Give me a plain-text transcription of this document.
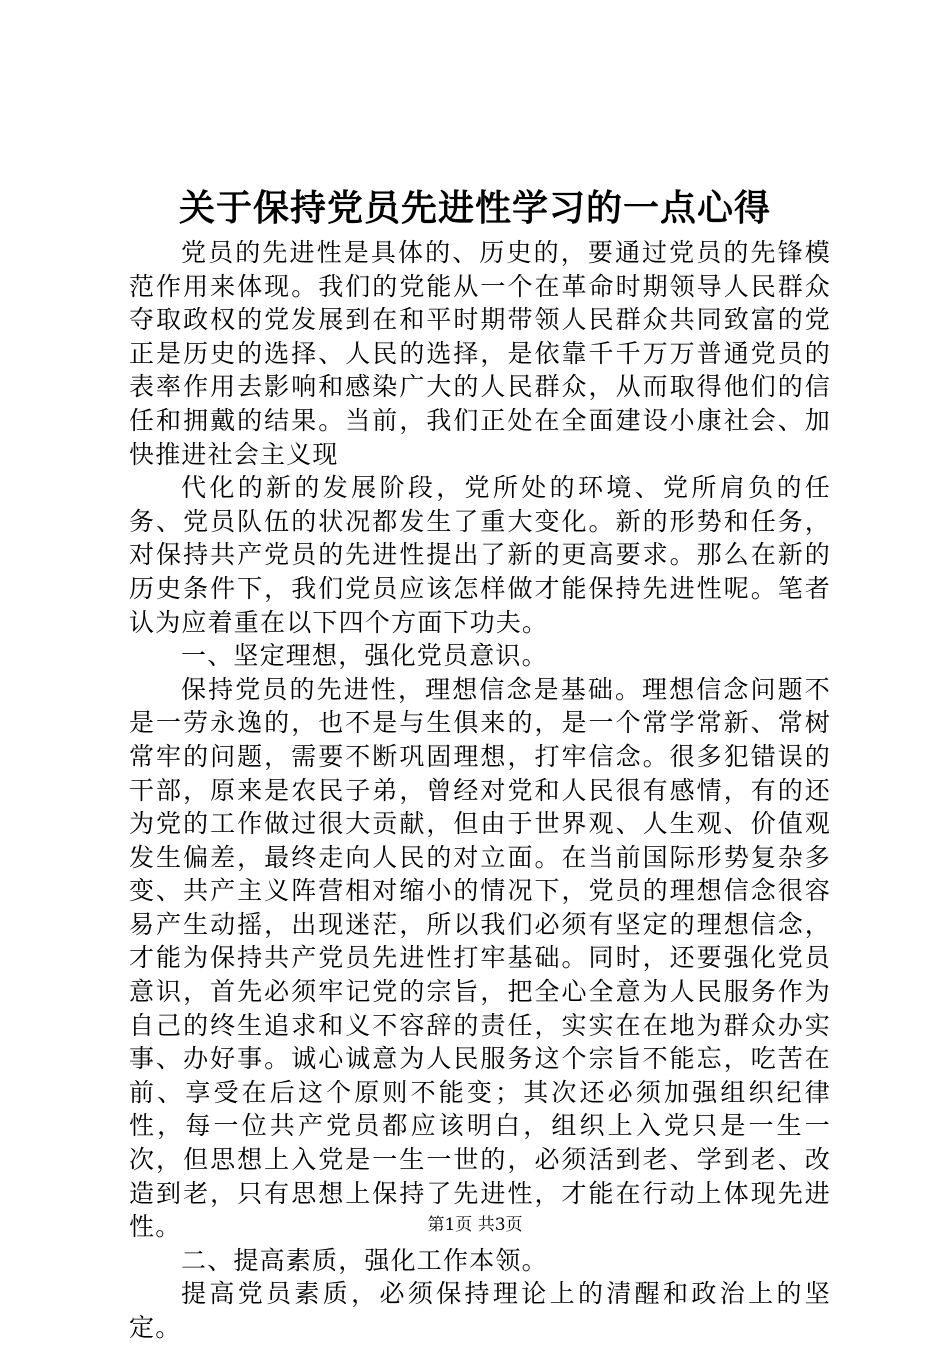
关于保持党员先进性学习的一点心得

党员的先进性是具体的、历史的，要通过党员的先锋模范作用来体现。我们的党能从一个在革命时期领导人民群众夺取政权的党发展到在和平时期带领人民群众共同致富的党正是历史的选择、人民的选择，是依靠千千万万普通党员的表率作用去影响和感染广大的人民群众，从而取得他们的信任和拥戴的结果。当前，我们正处在全面建设小康社会、加快推进社会主义现

代化的新的发展阶段，党所处的环境、党所肩负的任务、党员队伍的状况都发生了重大变化。新的形势和任务，对保持共产党员的先进性提出了新的更高要求。那么在新的历史条件下，我们党员应该怎样做才能保持先进性呢。笔者认为应着重在以下四个方面下功夫。

一、坚定理想，强化党员意识。

保持党员的先进性，理想信念是基础。理想信念问题不是一劳永逸的，也不是与生俱来的，是一个常学常新、常树常牢的问题，需要不断巩固理想，打牢信念。很多犯错误的干部，原来是农民子弟，曾经对党和人民很有感情，有的还为党的工作做过很大贡献，但由于世界观、人生观、价值观发生偏差，最终走向人民的对立面。在当前国际形势复杂多变、共产主义阵营相对缩小的情况下，党员的理想信念很容易产生动摇，出现迷茫，所以我们必须有坚定的理想信念，才能为保持共产党员先进性打牢基础。同时，还要强化党员意识，首先必须牢记党的宗旨，把全心全意为人民服务作为自己的终生追求和义不容辞的责任，实实在在地为群众办实事、办好事。诚心诚意为人民服务这个宗旨不能忘，吃苦在前、享受在后这个原则不能变；其次还必须加强组织纪律性，每一位共产党员都应该明白，组织上入党只是一生一次，但思想上入党是一生一世的，必须活到老、学到老、改造到老，只有思想上保持了先进性，才能在行动上体现先进性。

二、提高素质，强化工作本领。

提高党员素质，必须保持理论上的清醒和政治上的坚定。

第1页 共3页
